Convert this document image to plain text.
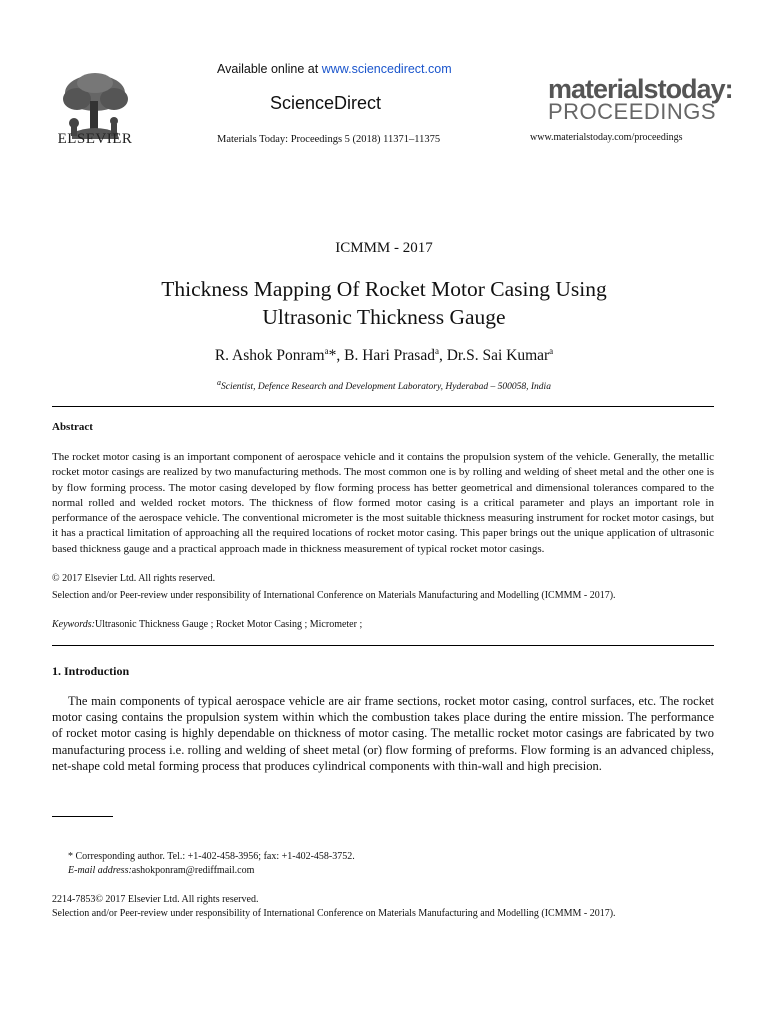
ELSEVIER
Available online at www.sciencedirect.com
ScienceDirect
Materials Today: Proceedings 5 (2018) 11371–11375
materialstoday:
PROCEEDINGS
www.materialstoday.com/proceedings
ICMMM - 2017
Thickness Mapping Of Rocket Motor Casing Using
Ultrasonic Thickness Gauge
R. Ashok Ponram$^a$*, B. Hari Prasad$^a$, Dr.S. Sai Kumar$^a$
$^a$Scientist, Defence Research and Development Laboratory, Hyderabad – 500058, India
Abstract
The rocket motor casing is an important component of aerospace vehicle and it contains the propulsion system of the vehicle. Generally, the metallic rocket motor casings are realized by two manufacturing methods. The most common one is by rolling and welding of sheet metal and the other one is by flow forming process. The motor casing developed by flow forming process has better geometrical and dimensional tolerances compared to the normal rolled and welded rocket motors. The thickness of flow formed motor casing is a critical parameter and plays an important role in performance of the aerospace vehicle. The conventional micrometer is the most suitable thickness measuring instrument for rocket motor casings, but it has a practical limitation of approaching all the required locations of rocket motor casing. This paper brings out the unique application of ultrasonic based thickness gauge and a practical approach made in thickness measurement of typical rocket motor casings.
© 2017 Elsevier Ltd. All rights reserved.
Selection and/or Peer-review under responsibility of International Conference on Materials Manufacturing and Modelling (ICMMM - 2017).
Keywords:Ultrasonic Thickness Gauge ; Rocket Motor Casing ; Micrometer ;
1. Introduction

The main components of typical aerospace vehicle are air frame sections, rocket motor casing, control surfaces, etc. The rocket motor casing contains the propulsion system within which the combustion takes place during the entire mission. The performance of rocket motor casing is highly dependable on thickness of motor casing. The metallic rocket motor casings are fabricated by two manufacturing process i.e. rolling and welding of sheet metal (or) flow forming of preforms. Flow forming is an advanced chipless, net-shape cold metal forming process that produces cylindrical components with thin-wall and high precision.

* Corresponding author. Tel.: +1-402-458-3956; fax: +1-402-458-3752.
E-mail address:ashokponram@rediffmail.com
2214-7853© 2017 Elsevier Ltd. All rights reserved.
Selection and/or Peer-review under responsibility of International Conference on Materials Manufacturing and Modelling (ICMMM - 2017).
